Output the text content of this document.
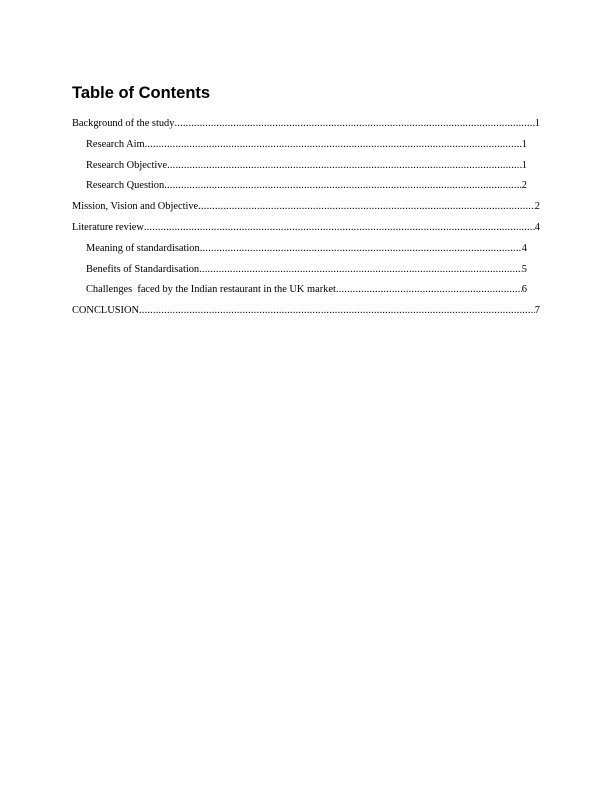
Table of Contents
Background of the study .....	1
Research Aim .....	1
Research Objective .....	1
Research Question .....	2
Mission, Vision and Objective .....	2
Literature review .....	4
Meaning of standardisation .....	4
Benefits of Standardisation .....	5
Challenges  faced by the Indian restaurant in the UK market .....	6
CONCLUSION .....	7
